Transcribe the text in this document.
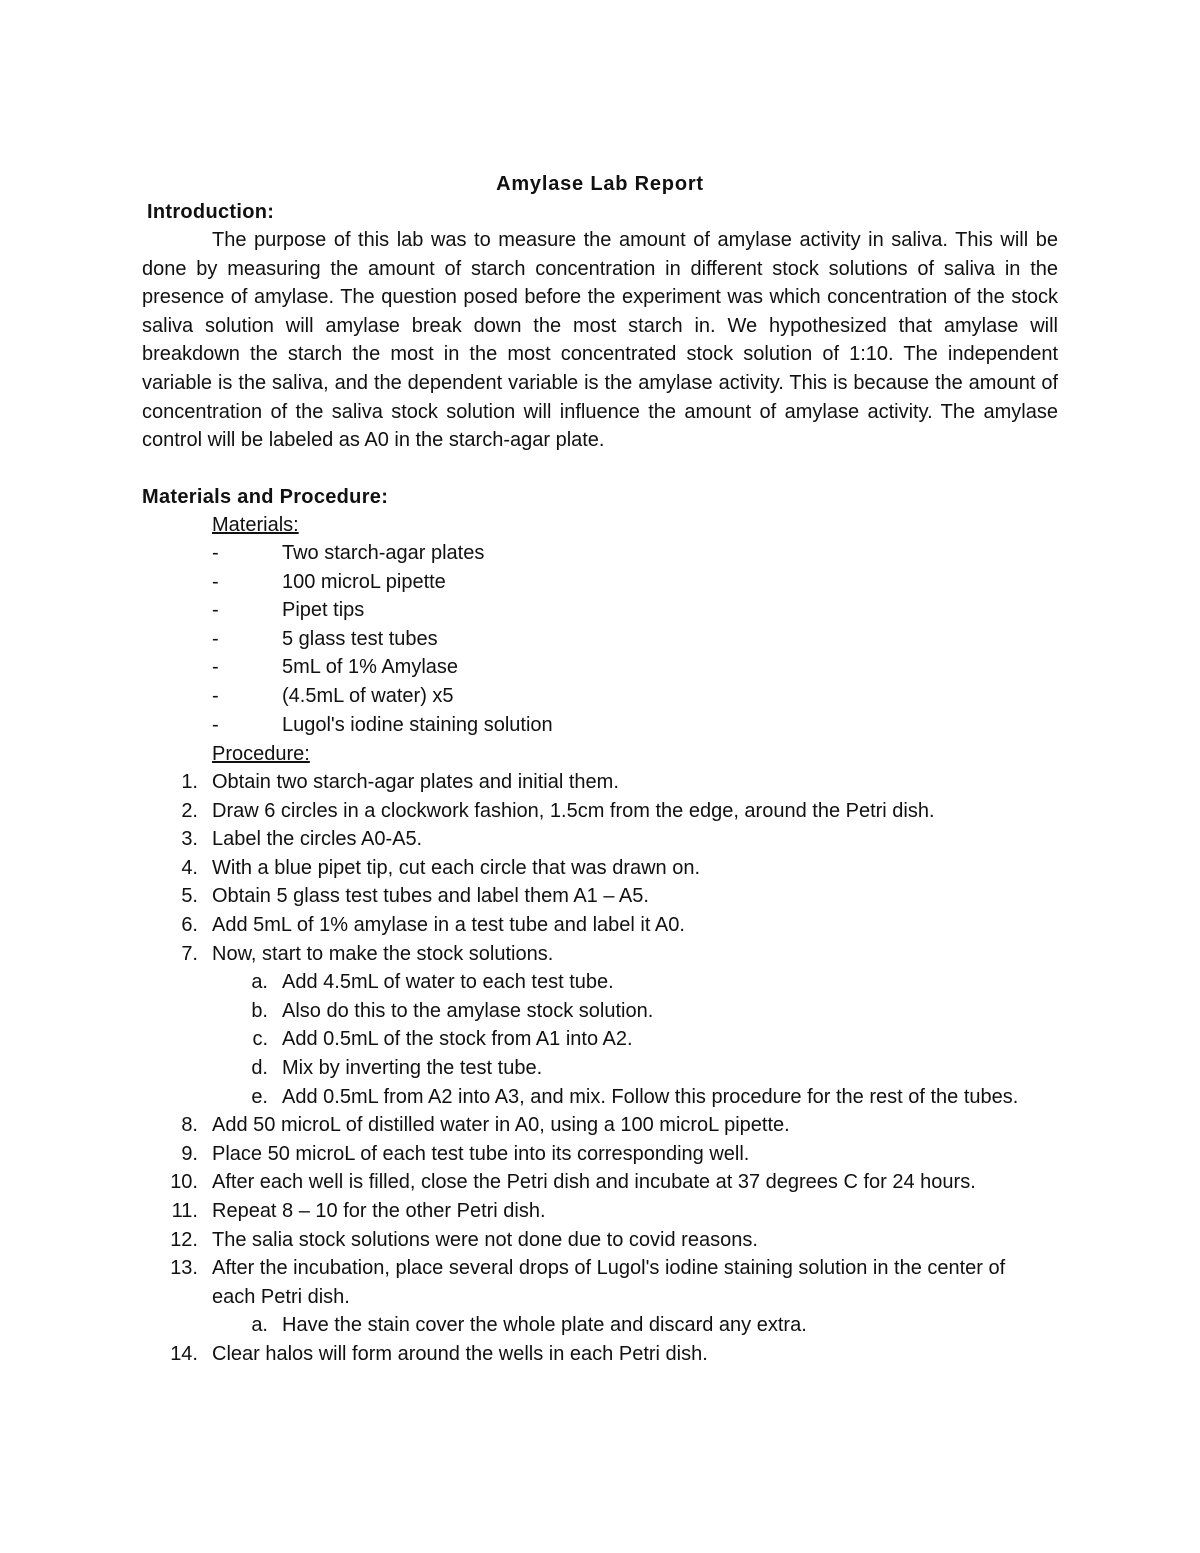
Amylase Lab Report
Introduction:
The purpose of this lab was to measure the amount of amylase activity in saliva. This will be done by measuring the amount of starch concentration in different stock solutions of saliva in the presence of amylase. The question posed before the experiment was which concentration of the stock saliva solution will amylase break down the most starch in. We hypothesized that amylase will breakdown the starch the most in the most concentrated stock solution of 1:10. The independent variable is the saliva, and the dependent variable is the amylase activity. This is because the amount of concentration of the saliva stock solution will influence the amount of amylase activity. The amylase control will be labeled as A0 in the starch-agar plate.
Materials and Procedure:
Materials:
-	Two starch-agar plates
-	100 microL pipette
-	Pipet tips
-	5 glass test tubes
-	5mL of 1% Amylase
-	(4.5mL of water) x5
-	Lugol's iodine staining solution
Procedure:
1. Obtain two starch-agar plates and initial them.
2. Draw 6 circles in a clockwork fashion, 1.5cm from the edge, around the Petri dish.
3. Label the circles A0-A5.
4. With a blue pipet tip, cut each circle that was drawn on.
5. Obtain 5 glass test tubes and label them A1 – A5.
6. Add 5mL of 1% amylase in a test tube and label it A0.
7. Now, start to make the stock solutions.
a. Add 4.5mL of water to each test tube.
b. Also do this to the amylase stock solution.
c. Add 0.5mL of the stock from A1 into A2.
d. Mix by inverting the test tube.
e. Add 0.5mL from A2 into A3, and mix. Follow this procedure for the rest of the tubes.
8. Add 50 microL of distilled water in A0, using a 100 microL pipette.
9. Place 50 microL of each test tube into its corresponding well.
10. After each well is filled, close the Petri dish and incubate at 37 degrees C for 24 hours.
11. Repeat 8 – 10 for the other Petri dish.
12. The salia stock solutions were not done due to covid reasons.
13. After the incubation, place several drops of Lugol's iodine staining solution in the center of each Petri dish.
a. Have the stain cover the whole plate and discard any extra.
14. Clear halos will form around the wells in each Petri dish.
